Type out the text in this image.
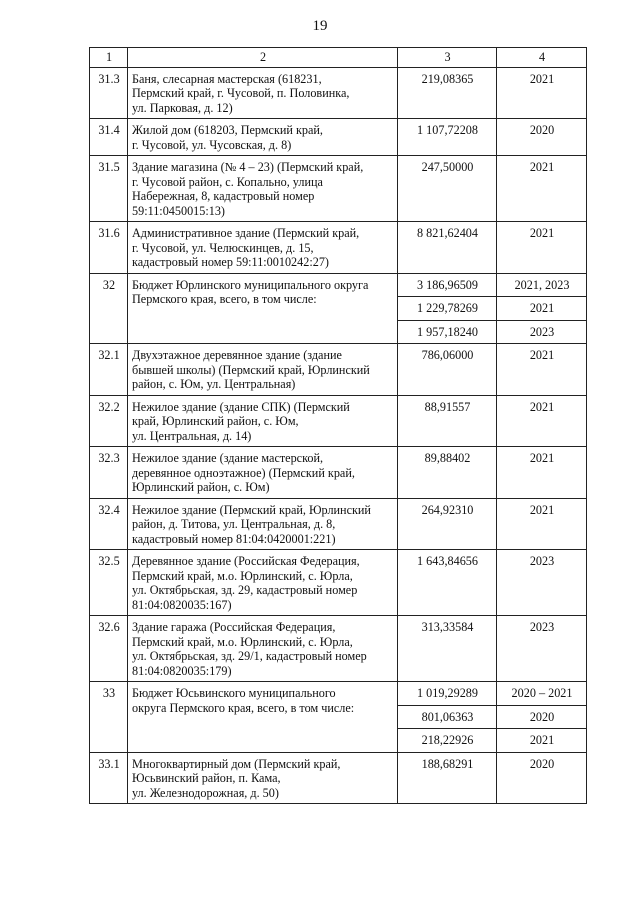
19
1	2	3	4
31.3	Баня, слесарная мастерская (618231,
Пермский край, г. Чусовой, п. Половинка,
ул. Парковая, д. 12)	219,08365	2021
31.4	Жилой дом (618203, Пермский край,
г. Чусовой, ул. Чусовская, д. 8)	1 107,72208	2020
31.5	Здание магазина (№ 4 – 23) (Пермский край,
г. Чусовой район, с. Копально, улица
Набережная, 8, кадастровый номер
59:11:0450015:13)	247,50000	2021
31.6	Административное здание (Пермский край,
г. Чусовой, ул. Челюскинцев, д. 15,
кадастровый номер 59:11:0010242:27)	8 821,62404	2021
32	Бюджет Юрлинского муниципального округа
Пермского края, всего, в том числе:	3 186,96509	2021, 2023
		1 229,78269	2021
		1 957,18240	2023
32.1	Двухэтажное деревянное здание (здание
бывшей школы) (Пермский край, Юрлинский
район, с. Юм, ул. Центральная)	786,06000	2021
32.2	Нежилое здание (здание СПК) (Пермский
край, Юрлинский район, с. Юм,
ул. Центральная, д. 14)	88,91557	2021
32.3	Нежилое здание (здание мастерской,
деревянное одноэтажное) (Пермский край,
Юрлинский район, с. Юм)	89,88402	2021
32.4	Нежилое здание (Пермский край, Юрлинский
район, д. Титова, ул. Центральная, д. 8,
кадастровый номер 81:04:0420001:221)	264,92310	2021
32.5	Деревянное здание (Российская Федерация,
Пермский край, м.о. Юрлинский, с. Юрла,
ул. Октябрьская, зд. 29, кадастровый номер
81:04:0820035:167)	1 643,84656	2023
32.6	Здание гаража (Российская Федерация,
Пермский край, м.о. Юрлинский, с. Юрла,
ул. Октябрьская, зд. 29/1, кадастровый номер
81:04:0820035:179)	313,33584	2023
33	Бюджет Юсьвинского муниципального
округа Пермского края, всего, в том числе:	1 019,29289	2020 – 2021
		801,06363	2020
		218,22926	2021
33.1	Многоквартирный дом (Пермский край,
Юсьвинский район, п. Кама,
ул. Железнодорожная, д. 50)	188,68291	2020
